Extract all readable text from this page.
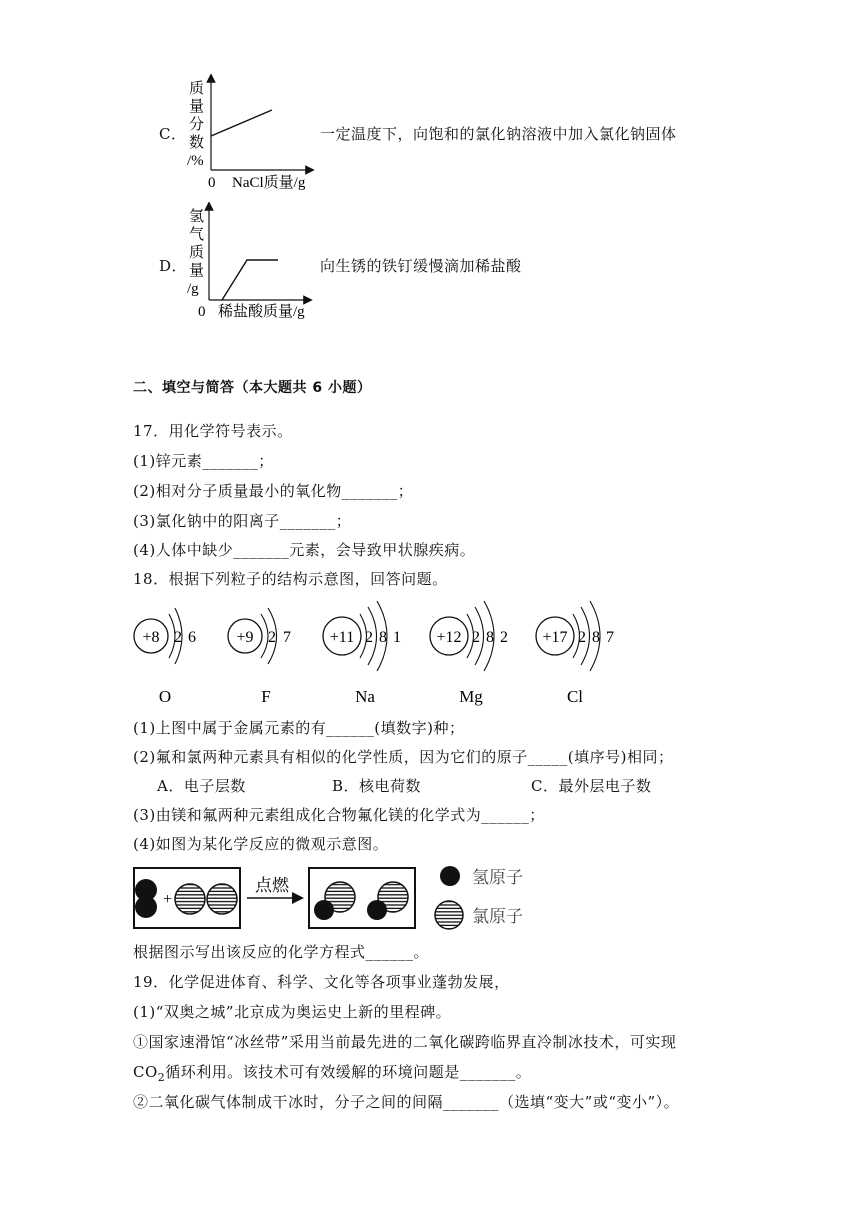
C．
质
量
分
数
/%
0 NaCl质量/g
一定温度下，向饱和的氯化钠溶液中加入氯化钠固体
D．
氢
气
质
量
/g
0 稀盐酸质量/g
向生锈的铁钉缓慢滴加稀盐酸
二、填空与简答（本大题共 6 小题）
17．用化学符号表示。
(1)锌元素_______；
(2)相对分子质量最小的氧化物_______；
(3)氯化钠中的阳离子_______；
(4)人体中缺少_______元素，会导致甲状腺疾病。
18．根据下列粒子的结构示意图，回答问题。
+8 2 6
O
+9 2 7
F
+11 2 8 1
Na
+12 2 8 2
Mg
+17 2 8 7
Cl
(1)上图中属于金属元素的有______(填数字)种；
(2)氟和氯两种元素具有相似的化学性质，因为它们的原子_____(填序号)相同；
A．电子层数	B．核电荷数	C．最外层电子数
(3)由镁和氟两种元素组成化合物氟化镁的化学式为______；
(4)如图为某化学反应的微观示意图。
+
点燃	氢原子
氯原子
根据图示写出该反应的化学方程式______。
19．化学促进体育、科学、文化等各项事业蓬勃发展，
(1)“双奥之城”北京成为奥运史上新的里程碑。
①国家速滑馆“冰丝带”采用当前最先进的二氧化碳跨临界直冷制冰技术，可实现
$CO_2$循环利用。该技术可有效缓解的环境问题是_______。
②二氧化碳气体制成干冰时，分子之间的间隔_______（选填“变大”或“变小”）。
